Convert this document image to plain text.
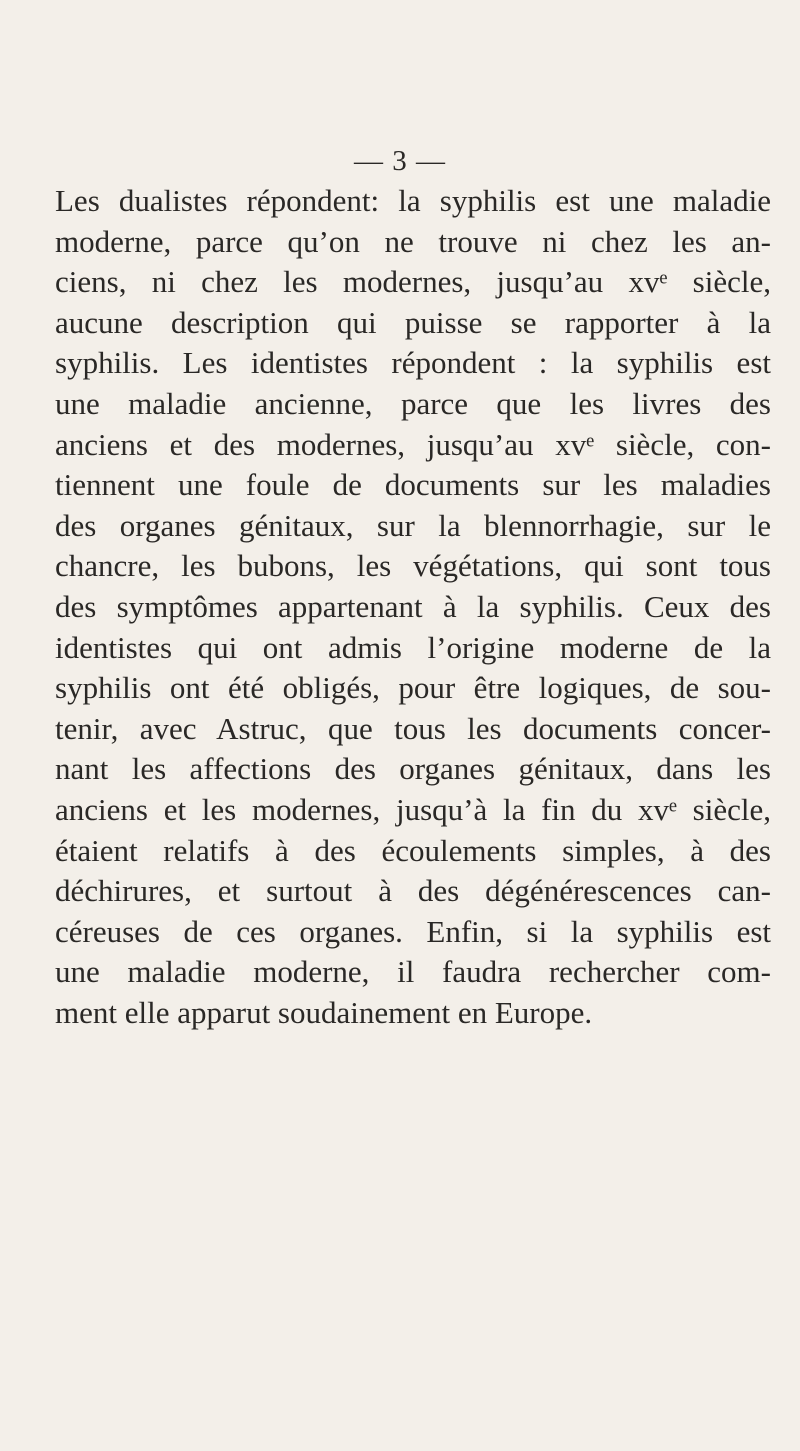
— 3 —
Les dualistes répondent: la syphilis est une maladie
moderne, parce qu’on ne trouve ni chez les an-
ciens, ni chez les modernes, jusqu’au xvᵉ siècle,
aucune description qui puisse se rapporter à la
syphilis. Les identistes répondent : la syphilis est
une maladie ancienne, parce que les livres des
anciens et des modernes, jusqu’au xvᵉ siècle, con-
tiennent une foule de documents sur les maladies
des organes génitaux, sur la blennorrhagie, sur le
chancre, les bubons, les végétations, qui sont tous
des symptômes appartenant à la syphilis. Ceux des
identistes qui ont admis l’origine moderne de la
syphilis ont été obligés, pour être logiques, de sou-
tenir, avec Astruc, que tous les documents concer-
nant les affections des organes génitaux, dans les
anciens et les modernes, jusqu’à la fin du xvᵉ siècle,
étaient relatifs à des écoulements simples, à des
déchirures, et surtout à des dégénérescences can-
céreuses de ces organes. Enfin, si la syphilis est
une maladie moderne, il faudra rechercher com-
ment elle apparut soudainement en Europe.
